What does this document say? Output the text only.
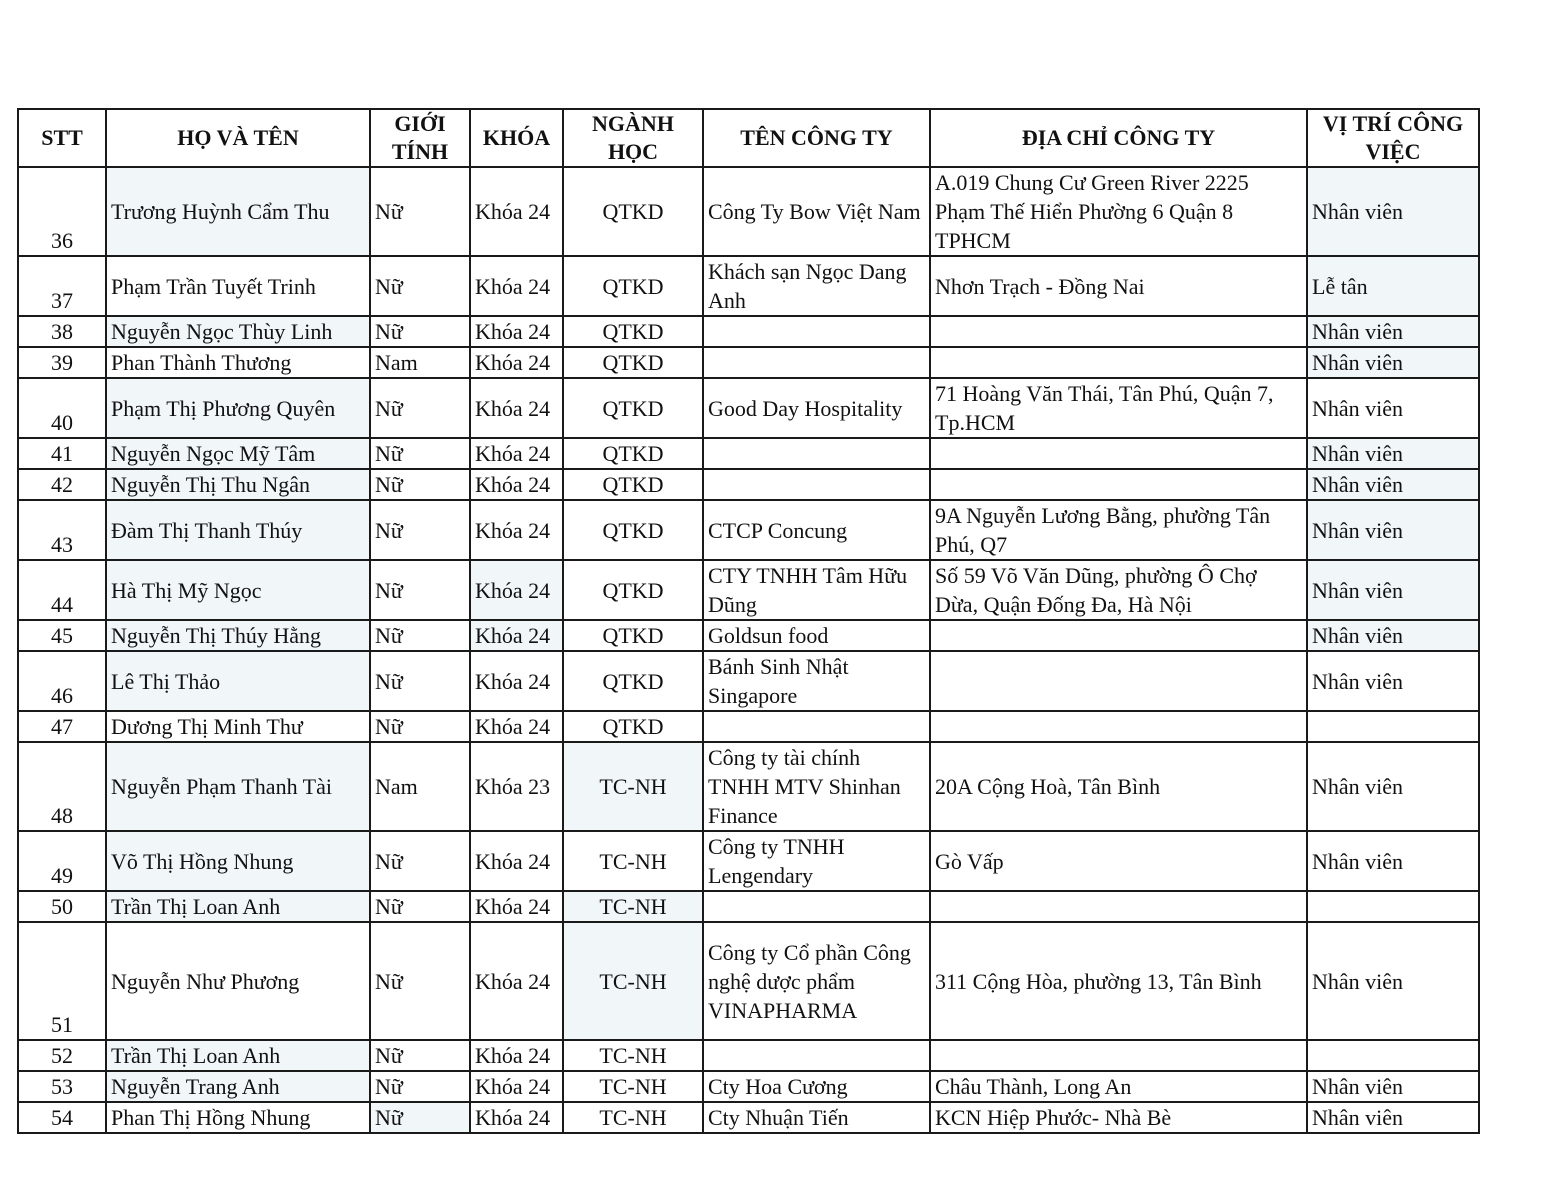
STT	HỌ VÀ TÊN	GIỚI TÍNH	KHÓA	NGÀNH HỌC	TÊN CÔNG TY	ĐỊA CHỈ CÔNG TY	VỊ TRÍ CÔNG VIỆC
36	Trương Huỳnh Cẩm Thu	Nữ	Khóa 24	QTKD	Công Ty Bow Việt Nam	A.019 Chung Cư Green River 2225 Phạm Thế Hiển Phường 6 Quận 8 TPHCM	Nhân viên
37	Phạm Trần Tuyết Trinh	Nữ	Khóa 24	QTKD	Khách sạn Ngọc Dang Anh	Nhơn Trạch - Đồng Nai	Lễ tân
38	Nguyễn Ngọc Thùy Linh	Nữ	Khóa 24	QTKD			Nhân viên
39	Phan Thành Thương	Nam	Khóa 24	QTKD			Nhân viên
40	Phạm Thị Phương Quyên	Nữ	Khóa 24	QTKD	Good Day Hospitality	71 Hoàng Văn Thái, Tân Phú, Quận 7, Tp.HCM	Nhân viên
41	Nguyễn Ngọc Mỹ Tâm	Nữ	Khóa 24	QTKD			Nhân viên
42	Nguyễn Thị Thu Ngân	Nữ	Khóa 24	QTKD			Nhân viên
43	Đàm Thị Thanh Thúy	Nữ	Khóa 24	QTKD	CTCP Concung	9A Nguyễn Lương Bằng, phường Tân Phú, Q7	Nhân viên
44	Hà Thị Mỹ Ngọc	Nữ	Khóa 24	QTKD	CTY TNHH Tâm Hữu Dũng	Số 59 Võ Văn Dũng, phường Ô Chợ Dừa, Quận Đống Đa, Hà Nội	Nhân viên
45	Nguyễn Thị Thúy Hằng	Nữ	Khóa 24	QTKD	Goldsun food		Nhân viên
46	Lê Thị Thảo	Nữ	Khóa 24	QTKD	Bánh Sinh Nhật Singapore		Nhân viên
47	Dương Thị Minh Thư	Nữ	Khóa 24	QTKD			
48	Nguyễn Phạm Thanh Tài	Nam	Khóa 23	TC-NH	Công ty tài chính TNHH MTV Shinhan Finance	20A Cộng Hoà, Tân Bình	Nhân viên
49	Võ Thị Hồng Nhung	Nữ	Khóa 24	TC-NH	Công ty TNHH Lengendary	Gò Vấp	Nhân viên
50	Trần Thị Loan Anh	Nữ	Khóa 24	TC-NH			
51	Nguyễn Như Phương	Nữ	Khóa 24	TC-NH	Công ty Cổ phần Công nghệ dược phẩm VINAPHARMA	311 Cộng Hòa, phường 13, Tân Bình	Nhân viên
52	Trần Thị Loan Anh	Nữ	Khóa 24	TC-NH			
53	Nguyễn Trang Anh	Nữ	Khóa 24	TC-NH	Cty Hoa Cương	Châu Thành, Long An	Nhân viên
54	Phan Thị Hồng Nhung	Nữ	Khóa 24	TC-NH	Cty Nhuận Tiến	KCN Hiệp Phước- Nhà Bè	Nhân viên
